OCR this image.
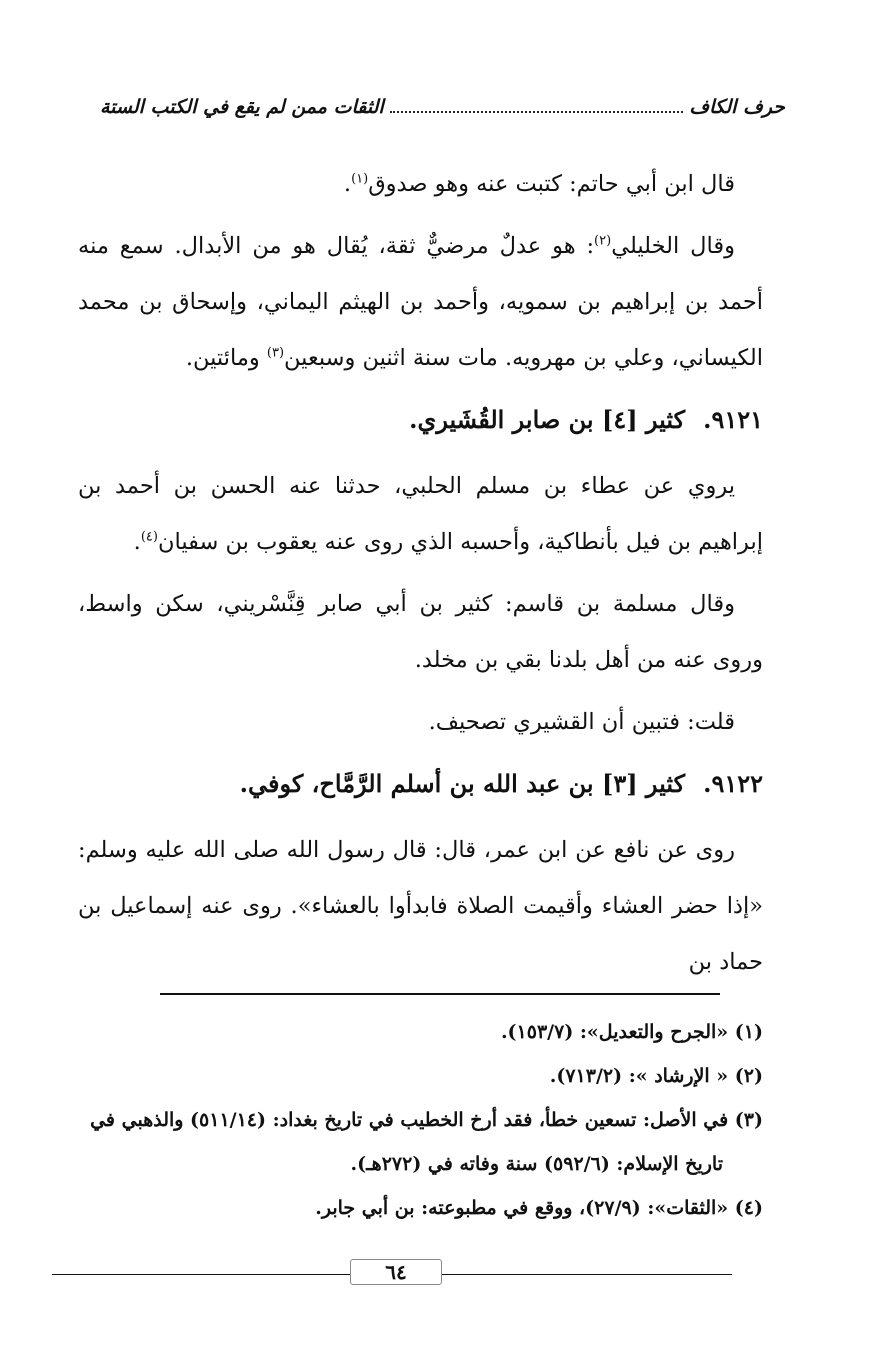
حرف الكاف
الثقات ممن لم يقع في الكتب الستة

قال ابن أبي حاتم: كتبت عنه وهو صدوق$^{(١)}$.

وقال الخليلي$^{(٢)}$: هو عدلٌ مرضيٌّ ثقة، يُقال هو من الأبدال. سمع منه أحمد بن إبراهيم بن سمويه، وأحمد بن الهيثم اليماني، وإسحاق بن محمد الكيساني، وعلي بن مهرويه. مات سنة اثنين وسبعين$^{(٣)}$ ومائتين.

٩١٢١.كثير [٤] بن صابر القُشَيري.

يروي عن عطاء بن مسلم الحلبي، حدثنا عنه الحسن بن أحمد بن إبراهيم بن فيل بأنطاكية، وأحسبه الذي روى عنه يعقوب بن سفيان$^{(٤)}$.

وقال مسلمة بن قاسم: كثير بن أبي صابر قِنَّسْريني، سكن واسط، وروى عنه من أهل بلدنا بقي بن مخلد.

قلت: فتبين أن القشيري تصحيف.

٩١٢٢.كثير [٣] بن عبد الله بن أسلم الرَّمَّاح، كوفي.

روى عن نافع عن ابن عمر، قال: قال رسول الله صلى الله عليه وسلم: «إذا حضر العشاء وأقيمت الصلاة فابدأوا بالعشاء». روى عنه إسماعيل بن حماد بن

(١) «الجرح والتعديل»: (١٥٣/٧).

(٢) « الإرشاد »: (٧١٣/٢).

(٣) في الأصل: تسعين خطأ، فقد أرخ الخطيب في تاريخ بغداد: (٥١١/١٤) والذهبي في

تاريخ الإسلام: (٥٩٢/٦) سنة وفاته في (٢٧٢هـ).

(٤) «الثقات»: (٢٧/٩)، ووقع في مطبوعته: بن أبي جابر.

٦٤
